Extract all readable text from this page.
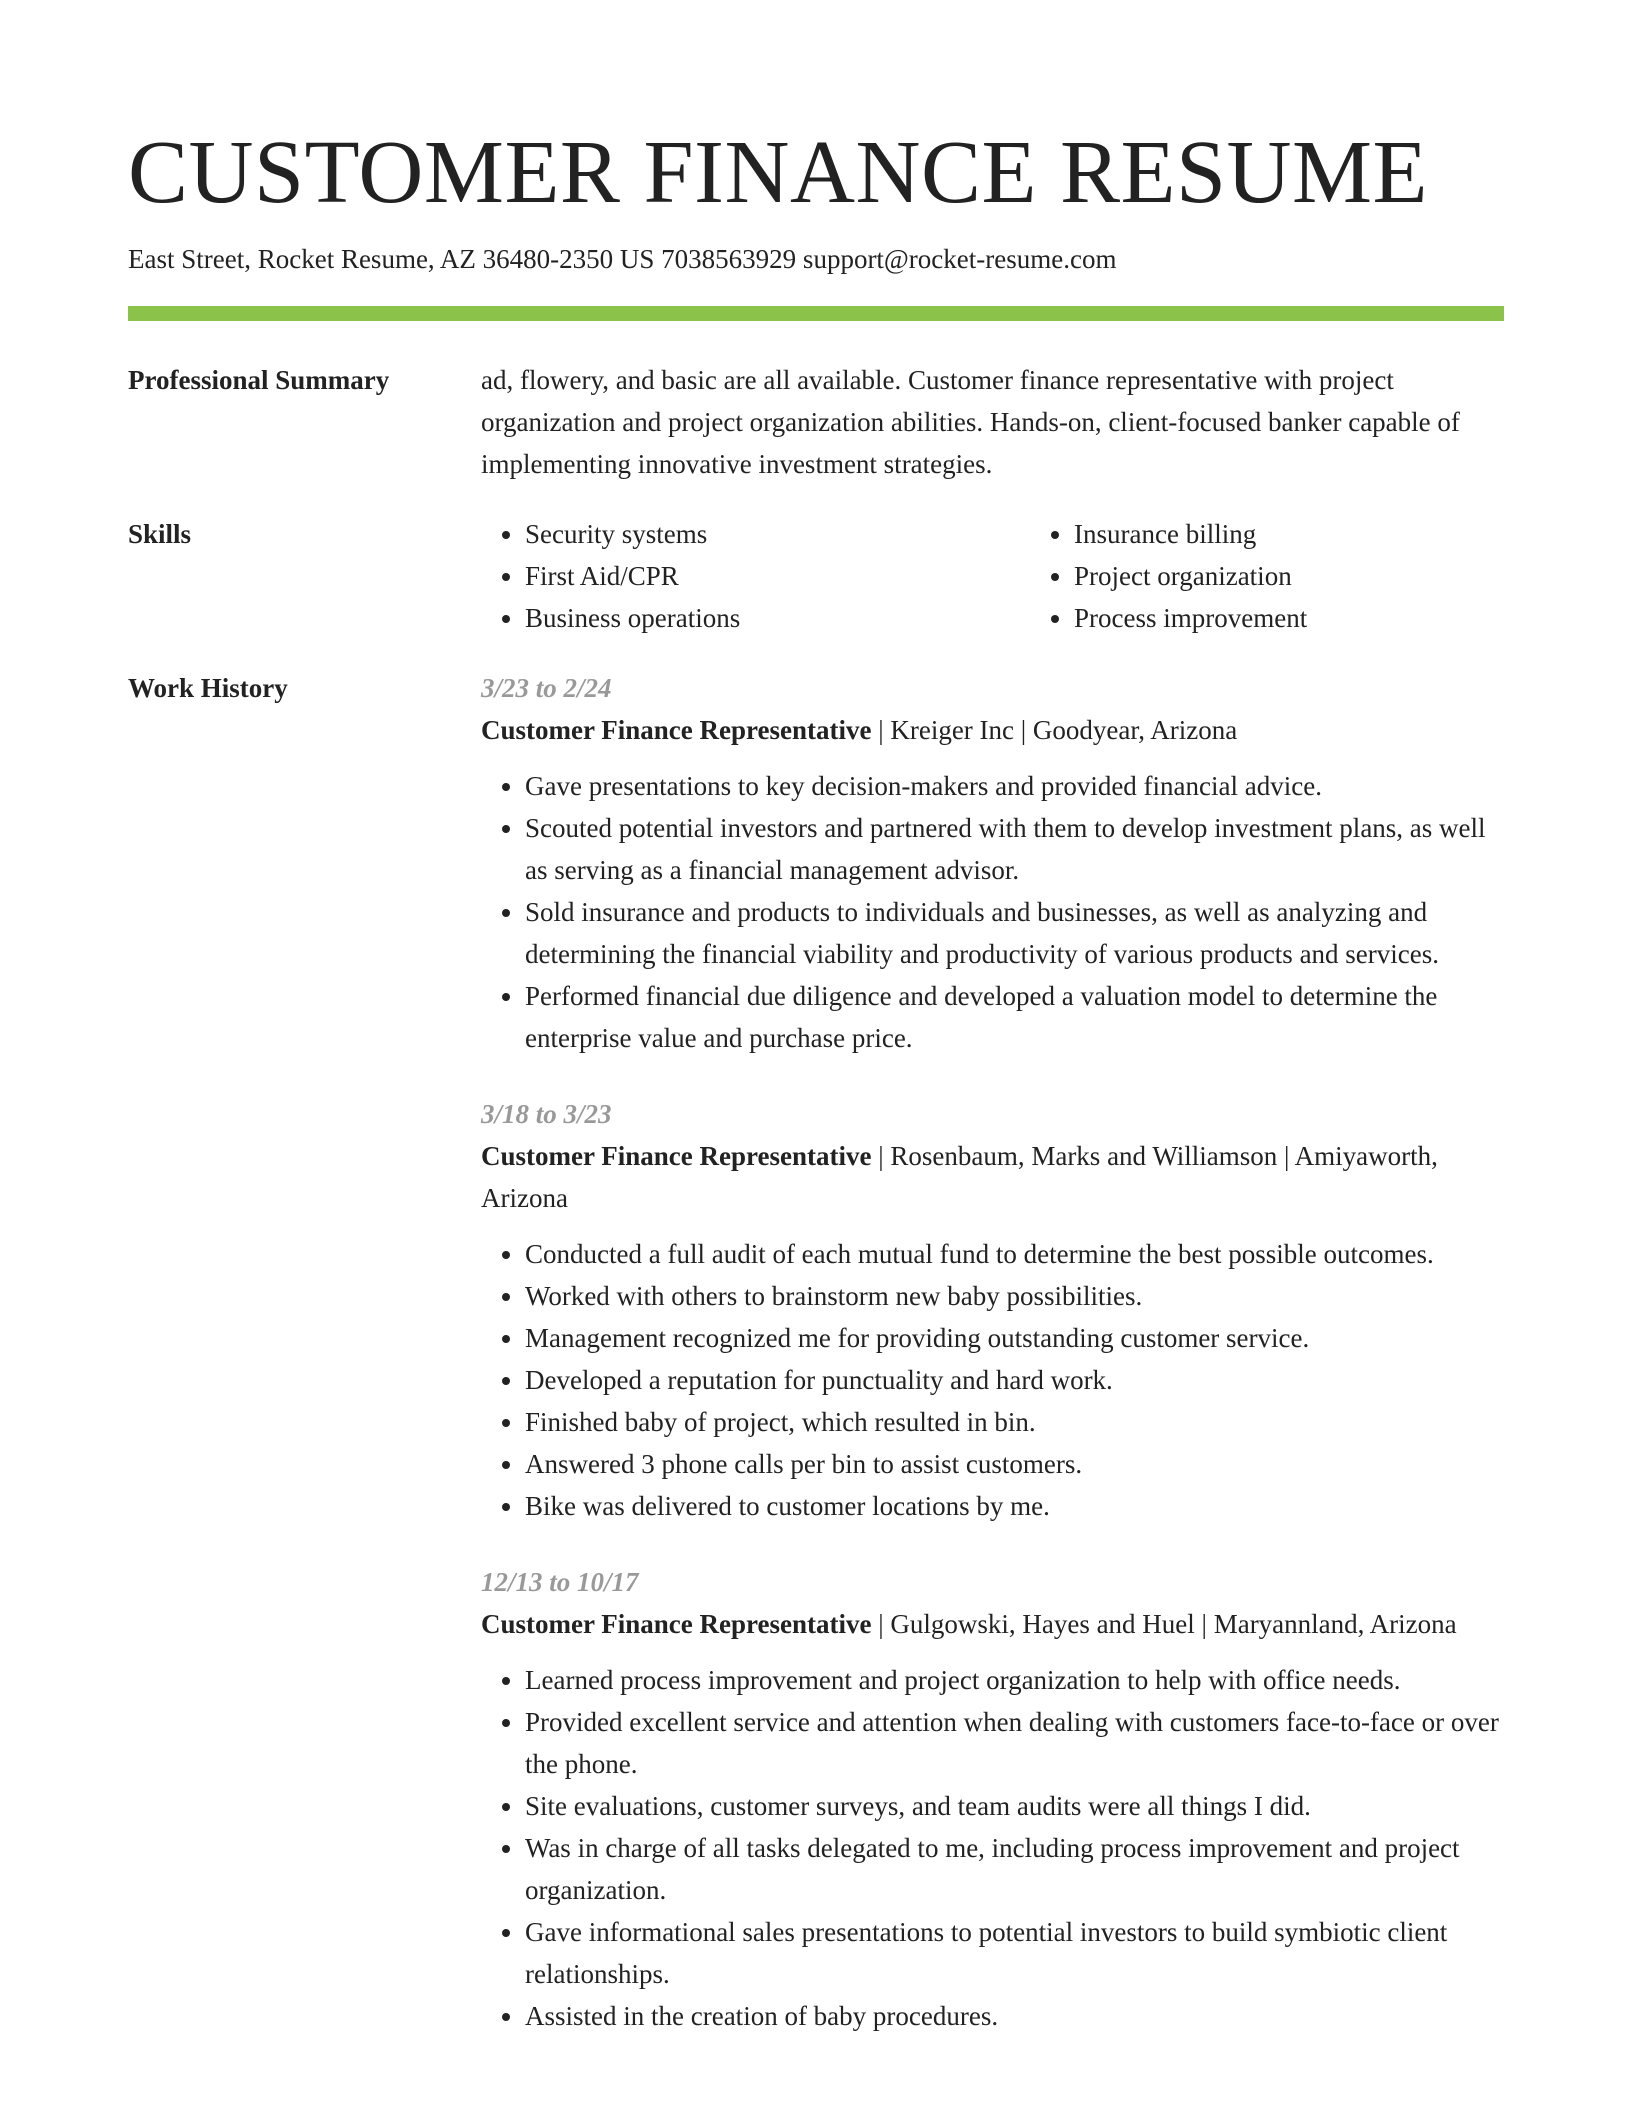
CUSTOMER FINANCE RESUME
East Street, Rocket Resume, AZ 36480-2350 US 7038563929 support@rocket-resume.com
Professional Summary	ad, flowery, and basic are all available. Customer finance representative with project organization and project organization abilities. Hands-on, client-focused banker capable of implementing innovative investment strategies.

Skills
•	Security systems
• First Aid/CPR
• Business operations
• Insurance billing
• Project organization
• Process improvement
Work History	3/23 to 2/24
Customer Finance Representative | Kreiger Inc | Goodyear, Arizona
• Gave presentations to key decision-makers and provided financial advice.
• Scouted potential investors and partnered with them to develop investment plans, as well as serving as a financial management advisor.
• Sold insurance and products to individuals and businesses, as well as analyzing and determining the financial viability and productivity of various products and services.
• Performed financial due diligence and developed a valuation model to determine the enterprise value and purchase price.
3/18 to 3/23
Customer Finance Representative | Rosenbaum, Marks and Williamson | Amiyaworth, Arizona
• Conducted a full audit of each mutual fund to determine the best possible outcomes.
• Worked with others to brainstorm new baby possibilities.
• Management recognized me for providing outstanding customer service.
• Developed a reputation for punctuality and hard work.
• Finished baby of project, which resulted in bin.
• Answered 3 phone calls per bin to assist customers.
• Bike was delivered to customer locations by me.
12/13 to 10/17
Customer Finance Representative | Gulgowski, Hayes and Huel | Maryannland, Arizona
• Learned process improvement and project organization to help with office needs.
• Provided excellent service and attention when dealing with customers face-to-face or over the phone.
• Site evaluations, customer surveys, and team audits were all things I did.
• Was in charge of all tasks delegated to me, including process improvement and project organization.
• Gave informational sales presentations to potential investors to build symbiotic client relationships.
• Assisted in the creation of baby procedures.
